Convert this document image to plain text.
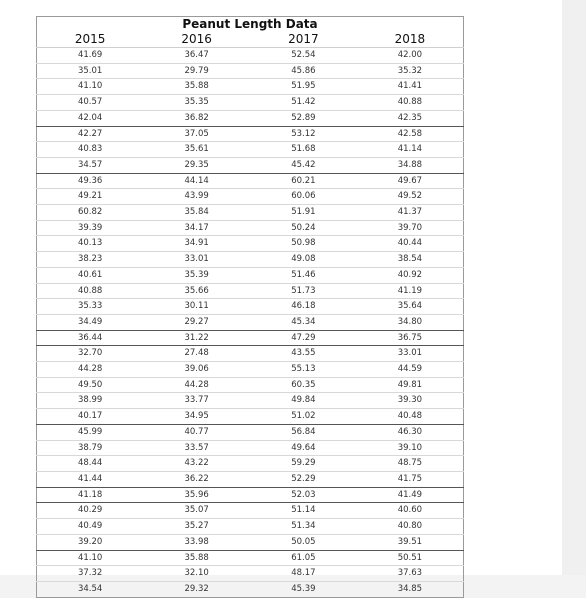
Peanut Length Data			
2015	2016	2017	2018
41.69	36.47	52.54	42.00
35.01	29.79	45.86	35.32
41.10	35.88	51.95	41.41
40.57	35.35	51.42	40.88
42.04	36.82	52.89	42.35
42.27	37.05	53.12	42.58
40.83	35.61	51.68	41.14
34.57	29.35	45.42	34.88
49.36	44.14	60.21	49.67
49.21	43.99	60.06	49.52
60.82	35.84	51.91	41.37
39.39	34.17	50.24	39.70
40.13	34.91	50.98	40.44
38.23	33.01	49.08	38.54
40.61	35.39	51.46	40.92
40.88	35.66	51.73	41.19
35.33	30.11	46.18	35.64
34.49	29.27	45.34	34.80
36.44	31.22	47.29	36.75
32.70	27.48	43.55	33.01
44.28	39.06	55.13	44.59
49.50	44.28	60.35	49.81
38.99	33.77	49.84	39.30
40.17	34.95	51.02	40.48
45.99	40.77	56.84	46.30
38.79	33.57	49.64	39.10
48.44	43.22	59.29	48.75
41.44	36.22	52.29	41.75
41.18	35.96	52.03	41.49
40.29	35.07	51.14	40.60
40.49	35.27	51.34	40.80
39.20	33.98	50.05	39.51
41.10	35.88	61.05	50.51
37.32	32.10	48.17	37.63
34.54	29.32	45.39	34.85
